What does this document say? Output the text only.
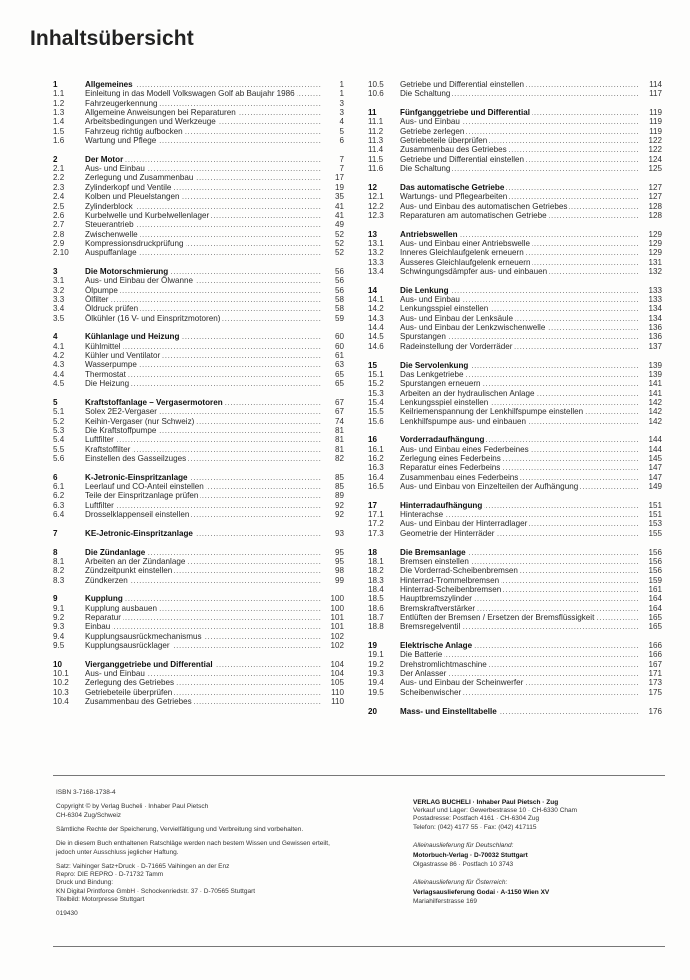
Inhaltsübersicht
1	Allgemeines .....	1
1.1	Einleitung in das Modell Volkswagen Golf ab Baujahr 1986 .....	1
1.2	Fahrzeugerkennung .....	3
1.3	Allgemeine Anweisungen bei Reparaturen .....	3
1.4	Arbeitsbedingungen und Werkzeuge .....	4
1.5	Fahrzeug richtig aufbocken .....	5
1.6	Wartung und Pflege .....	6
2	Der Motor .....	7
2.1	Aus- und Einbau .....	7
2.2	Zerlegung und Zusammenbau .....	17
2.3	Zylinderkopf und Ventile .....	19
2.4	Kolben und Pleuelstangen .....	35
2.5	Zylinderblock .....	41
2.6	Kurbelwelle und Kurbelwellenlager .....	41
2.7	Steuerantrieb .....	49
2.8	Zwischenwelle .....	52
2.9	Kompressionsdruckprüfung .....	52
2.10	Auspuffanlage .....	52
3	Die Motorschmierung .....	56
3.1	Aus- und Einbau der Ölwanne .....	56
3.2	Ölpumpe .....	56
3.3	Ölfilter .....	58
3.4	Öldruck prüfen .....	58
3.5	Ölkühler (16 V- und Einspritzmotoren) .....	59
4	Kühlanlage und Heizung .....	60
4.1	Kühlmittel .....	60
4.2	Kühler und Ventilator .....	61
4.3	Wasserpumpe .....	63
4.4	Thermostat .....	65
4.5	Die Heizung .....	65
5	Kraftstoffanlage – Vergasermotoren .....	67
5.1	Solex 2E2-Vergaser .....	67
5.2	Keihin-Vergaser (nur Schweiz) .....	74
5.3	Die Kraftstoffpumpe .....	81
5.4	Luftfilter .....	81
5.5	Kraftstoffilter .....	81
5.6	Einstellen des Gasseilzuges .....	82
6	K-Jetronic-Einspritzanlage .....	85
6.1	Leerlauf und CO-Anteil einstellen .....	85
6.2	Teile der Einspritzanlage prüfen .....	89
6.3	Luftfilter .....	92
6.4	Drosselklappenseil einstellen .....	92
7	KE-Jetronic-Einspritzanlage .....	93
8	Die Zündanlage .....	95
8.1	Arbeiten an der Zündanlage .....	95
8.2	Zündzeitpunkt einstellen .....	98
8.3	Zündkerzen .....	99
9	Kupplung .....	100
9.1	Kupplung ausbauen .....	100
9.2	Reparatur .....	101
9.3	Einbau .....	101
9.4	Kupplungsausrückmechanismus .....	102
9.5	Kupplungsausrücklager .....	102
10	Vierganggetriebe und Differential .....	104
10.1	Aus- und Einbau .....	104
10.2	Zerlegung des Getriebes .....	105
10.3	Getriebeteile überprüfen .....	110
10.4	Zusammenbau des Getriebes .....	110
10.5	Getriebe und Differential einstellen .....	114
10.6	Die Schaltung .....	117
11	Fünfganggetriebe und Differential .....	119
11.1	Aus- und Einbau .....	119
11.2	Getriebe zerlegen .....	119
11.3	Getriebeteile überprüfen .....	122
11.4	Zusammenbau des Getriebes .....	122
11.5	Getriebe und Differential einstellen .....	124
11.6	Die Schaltung .....	125
12	Das automatische Getriebe .....	127
12.1	Wartungs- und Pflegearbeiten .....	127
12.2	Aus- und Einbau des automatischen Getriebes .....	128
12.3	Reparaturen am automatischen Getriebe .....	128
13	Antriebswellen .....	129
13.1	Aus- und Einbau einer Antriebswelle .....	129
13.2	Inneres Gleichlaufgelenk erneuern .....	129
13.3	Äusseres Gleichlaufgelenk erneuern .....	131
13.4	Schwingungsdämpfer aus- und einbauen .....	132
14	Die Lenkung .....	133
14.1	Aus- und Einbau .....	133
14.2	Lenkungsspiel einstellen .....	134
14.3	Aus- und Einbau der Lenksäule .....	134
14.4	Aus- und Einbau der Lenkzwischenwelle .....	136
14.5	Spurstangen .....	136
14.6	Radeinstellung der Vorderräder .....	137
15	Die Servolenkung .....	139
15.1	Das Lenkgetriebe .....	139
15.2	Spurstangen erneuern .....	141
15.3	Arbeiten an der hydraulischen Anlage .....	141
15.4	Lenkungsspiel einstellen .....	142
15.5	Keilriemenspannung der Lenkhilfspumpe einstellen .....	142
15.6	Lenkhilfspumpe aus- und einbauen .....	142
16	Vorderradaufhängung .....	144
16.1	Aus- und Einbau eines Federbeines .....	144
16.2	Zerlegung eines Federbeins .....	145
16.3	Reparatur eines Federbeins .....	147
16.4	Zusammenbau eines Federbeins .....	147
16.5	Aus- und Einbau von Einzelteilen der Aufhängung .....	149
17	Hinterradaufhängung .....	151
17.1	Hinterachse .....	151
17.2	Aus- und Einbau der Hinterradlager .....	153
17.3	Geometrie der Hinterräder .....	155
18	Die Bremsanlage .....	156
18.1	Bremsen einstellen .....	156
18.2	Die Vorderrad-Scheibenbremsen .....	156
18.3	Hinterrad-Trommelbremsen .....	159
18.4	Hinterrad-Scheibenbremsen .....	161
18.5	Hauptbremszylinder .....	164
18.6	Bremskraftverstärker .....	164
18.7	Entlüften der Bremsen / Ersetzen der Bremsflüssigkeit .....	165
18.8	Bremsregelventil .....	165
19	Elektrische Anlage .....	166
19.1	Die Batterie .....	166
19.2	Drehstromlichtmaschine .....	167
19.3	Der Anlasser .....	171
19.4	Aus- und Einbau der Scheinwerfer .....	173
19.5	Scheibenwischer .....	175
20	Mass- und Einstelltabelle .....	176

ISBN 3-7168-1738-4

Copyright © by Verlag Bucheli · Inhaber Paul Pietsch
CH-6304 Zug/Schweiz

Sämtliche Rechte der Speicherung, Vervielfältigung und Verbreitung sind vorbehalten.

Die in diesem Buch enthaltenen Ratschläge werden nach bestem Wissen und Gewissen erteilt,
jedoch unter Ausschluss jeglicher Haftung.

Satz: Vaihinger Satz+Druck · D-71665 Vaihingen an der Enz
Repro: DIE REPRO · D-71732 Tamm
Druck und Bindung:
KN Digital Printforce GmbH · Schockenriedstr. 37 · D-70565 Stuttgart
Titelbild: Motorpresse Stuttgart

019430

VERLAG BUCHELI · Inhaber Paul Pietsch · Zug
Verkauf und Lager: Gewerbestrasse 10 · CH-6330 Cham
Postadresse: Postfach 4161 · CH-6304 Zug
Telefon: (042) 4177 55 · Fax: (042) 417115

Alleinauslieferung für Deutschland:
Motorbuch-Verlag · D-70032 Stuttgart
Olgastrasse 86 · Postfach 10 3743

Alleinauslieferung für Österreich:
Verlagsauslieferung Godai · A-1150 Wien XV
Mariahilferstrasse 169
